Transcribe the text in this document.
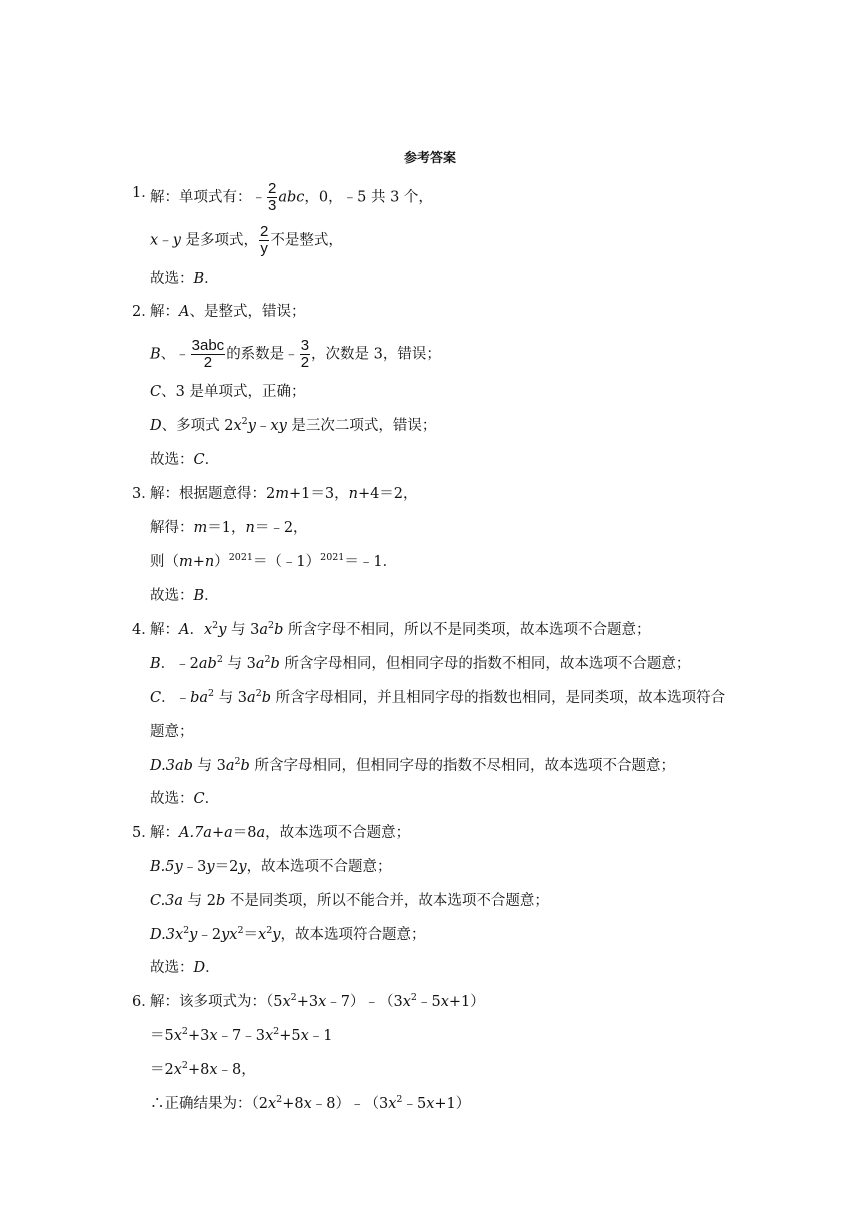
参考答案
1．
解：单项式有：﹣ $\frac{2}{3}$ abc，0，﹣5 共 3 个，
x﹣y 是多项式， $\frac{2}{y}$ 不是整式，
故选：B．
2．
解：A、是整式，错误；
B、﹣ $\frac{\text{3abc}}{2}$ 的系数是﹣ $\frac{3}{2}$ ，次数是 3，错误；
C、3 是单项式，正确；
D、多项式 $2x^2y﹣xy$ 是三次二项式，错误；
故选：C．
3．
解：根据题意得：2m+1＝3，n+4＝2，
解得：m＝1，n＝﹣2，
则$(m+n)^{2021}=(﹣1)^{2021}=﹣1$．
故选：B．
4．
解：A．$x^2y$ 与 $3a^2b$ 所含字母不相同，所以不是同类项，故本选项不合题意；
B．$﹣2ab^2$ 与 $3a^2b$ 所含字母相同，但相同字母的指数不相同，故本选项不合题意；
C．$﹣ba^2$ 与 $3a^2b$ 所含字母相同，并且相同字母的指数也相同，是同类项，故本选项符合
题意；
D.3ab 与 $3a^2b$ 所含字母相同，但相同字母的指数不尽相同，故本选项不合题意；
故选：C．
5．
解：A.7a+a＝8a，故本选项不合题意；
B.5y﹣3y＝2y，故本选项不合题意；
C.3a 与 2b 不是同类项，所以不能合并，故本选项不合题意；
$D.3x^2y﹣2yx^2=x^2y$，故本选项符合题意；
故选：D．
6．
解：该多项式为：$(5x^2+3x﹣7)﹣(3x^2﹣5x+1)$
$=5x^2+3x﹣7﹣3x^2+5x﹣1$
$=2x^2+8x﹣8$，
∴正确结果为：$(2x^2+8x﹣8)﹣(3x^2﹣5x+1)$
